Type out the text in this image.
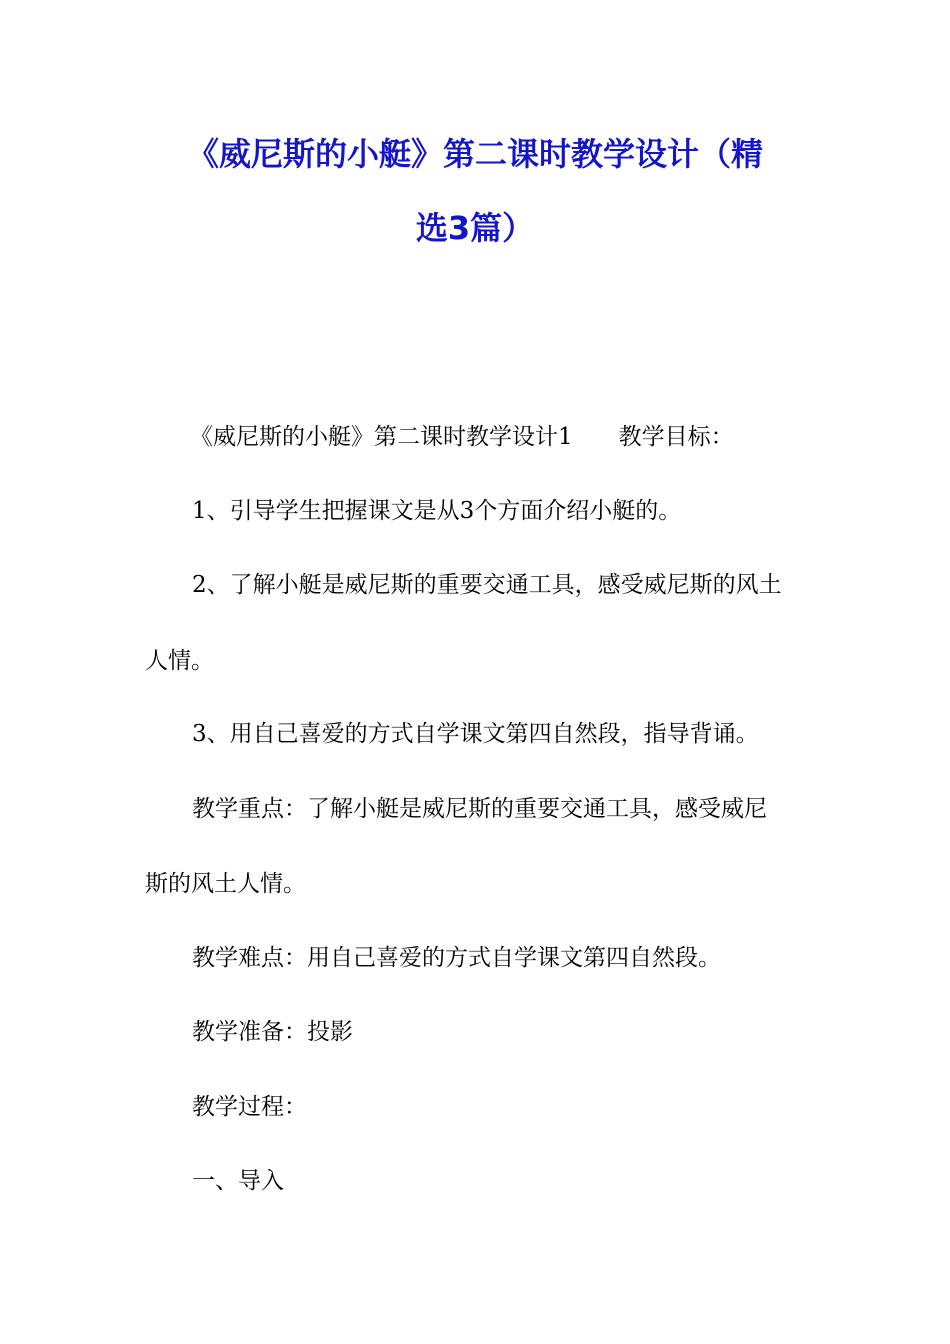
《威尼斯的小艇》第二课时教学设计（精
选3篇）
《威尼斯的小艇》第二课时教学设计1　　教学目标：
1、引导学生把握课文是从3个方面介绍小艇的。
2、了解小艇是威尼斯的重要交通工具，感受威尼斯的风土
人情。
3、用自己喜爱的方式自学课文第四自然段，指导背诵。
教学重点：了解小艇是威尼斯的重要交通工具，感受威尼
斯的风土人情。
教学难点：用自己喜爱的方式自学课文第四自然段。
教学准备：投影
教学过程：
一、导入
